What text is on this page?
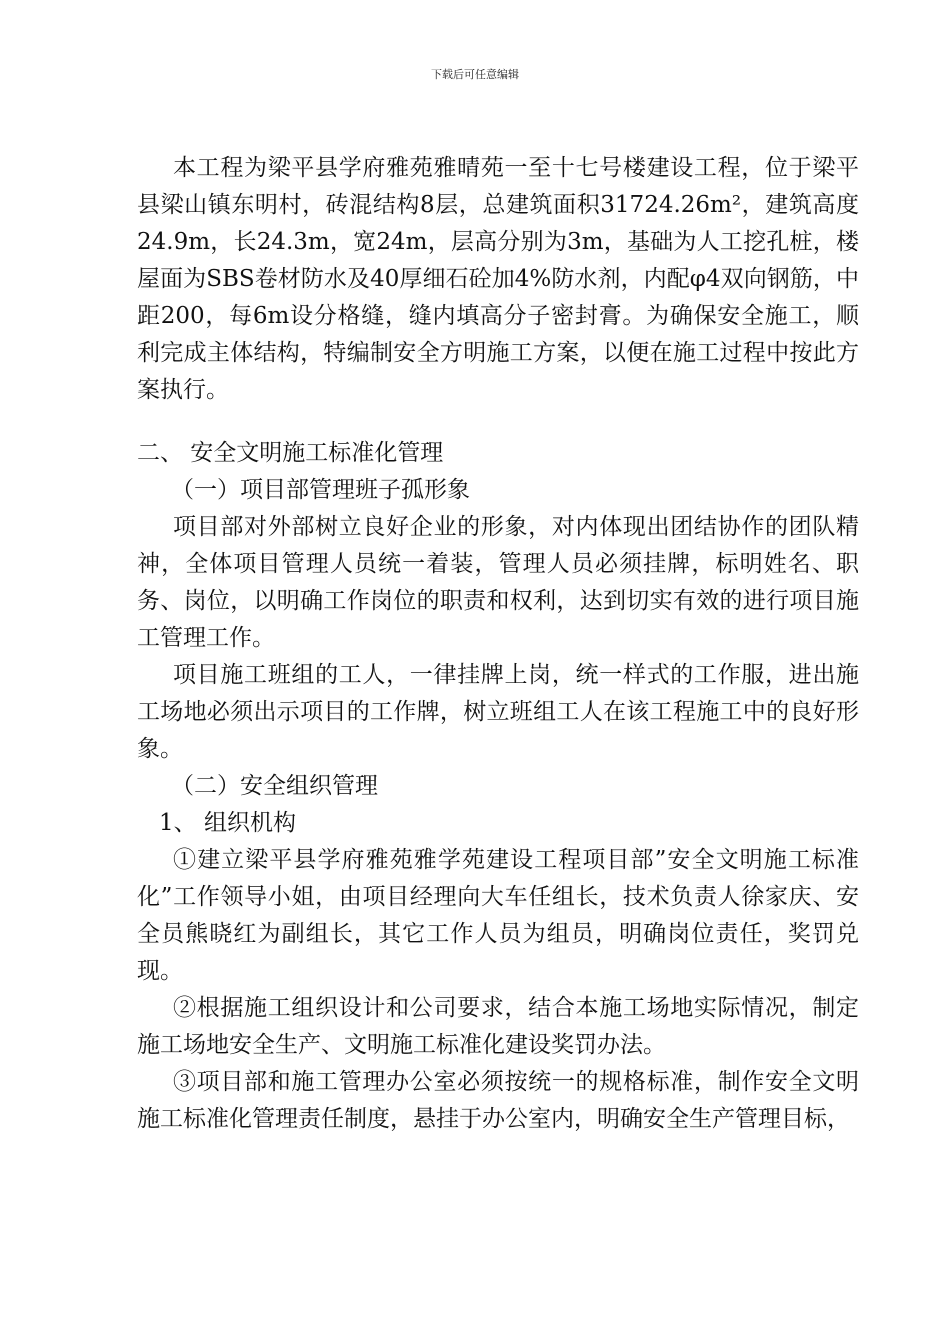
下载后可任意编辑

本工程为梁平县学府雅苑雅晴苑一至十七号楼建设工程，位于梁平县梁山镇东明村，砖混结构8层，总建筑面积31724.26m²，建筑高度24.9m，长24.3m，宽24m，层高分别为3m，基础为人工挖孔桩，楼屋面为SBS卷材防水及40厚细石砼加4%防水剂，内配φ4双向钢筋，中距200，每6m设分格缝，缝内填高分子密封膏。为确保安全施工，顺利完成主体结构，特编制安全方明施工方案，以便在施工过程中按此方案执行。

二、 安全文明施工标准化管理

（一）项目部管理班子孤形象

项目部对外部树立良好企业的形象，对内体现出团结协作的团队精神，全体项目管理人员统一着装，管理人员必须挂牌，标明姓名、职务、岗位，以明确工作岗位的职责和权利，达到切实有效的进行项目施工管理工作。

项目施工班组的工人，一律挂牌上岗，统一样式的工作服，进出施工场地必须出示项目的工作牌，树立班组工人在该工程施工中的良好形象。

（二）安全组织管理

1、 组织机构

①建立梁平县学府雅苑雅学苑建设工程项目部”安全文明施工标准化”工作领导小姐，由项目经理向大车任组长，技术负责人徐家庆、安全员熊晓红为副组长，其它工作人员为组员，明确岗位责任，奖罚兑现。

②根据施工组织设计和公司要求，结合本施工场地实际情况，制定施工场地安全生产、文明施工标准化建设奖罚办法。

③项目部和施工管理办公室必须按统一的规格标准，制作安全文明施工标准化管理责任制度，悬挂于办公室内，明确安全生产管理目标，
